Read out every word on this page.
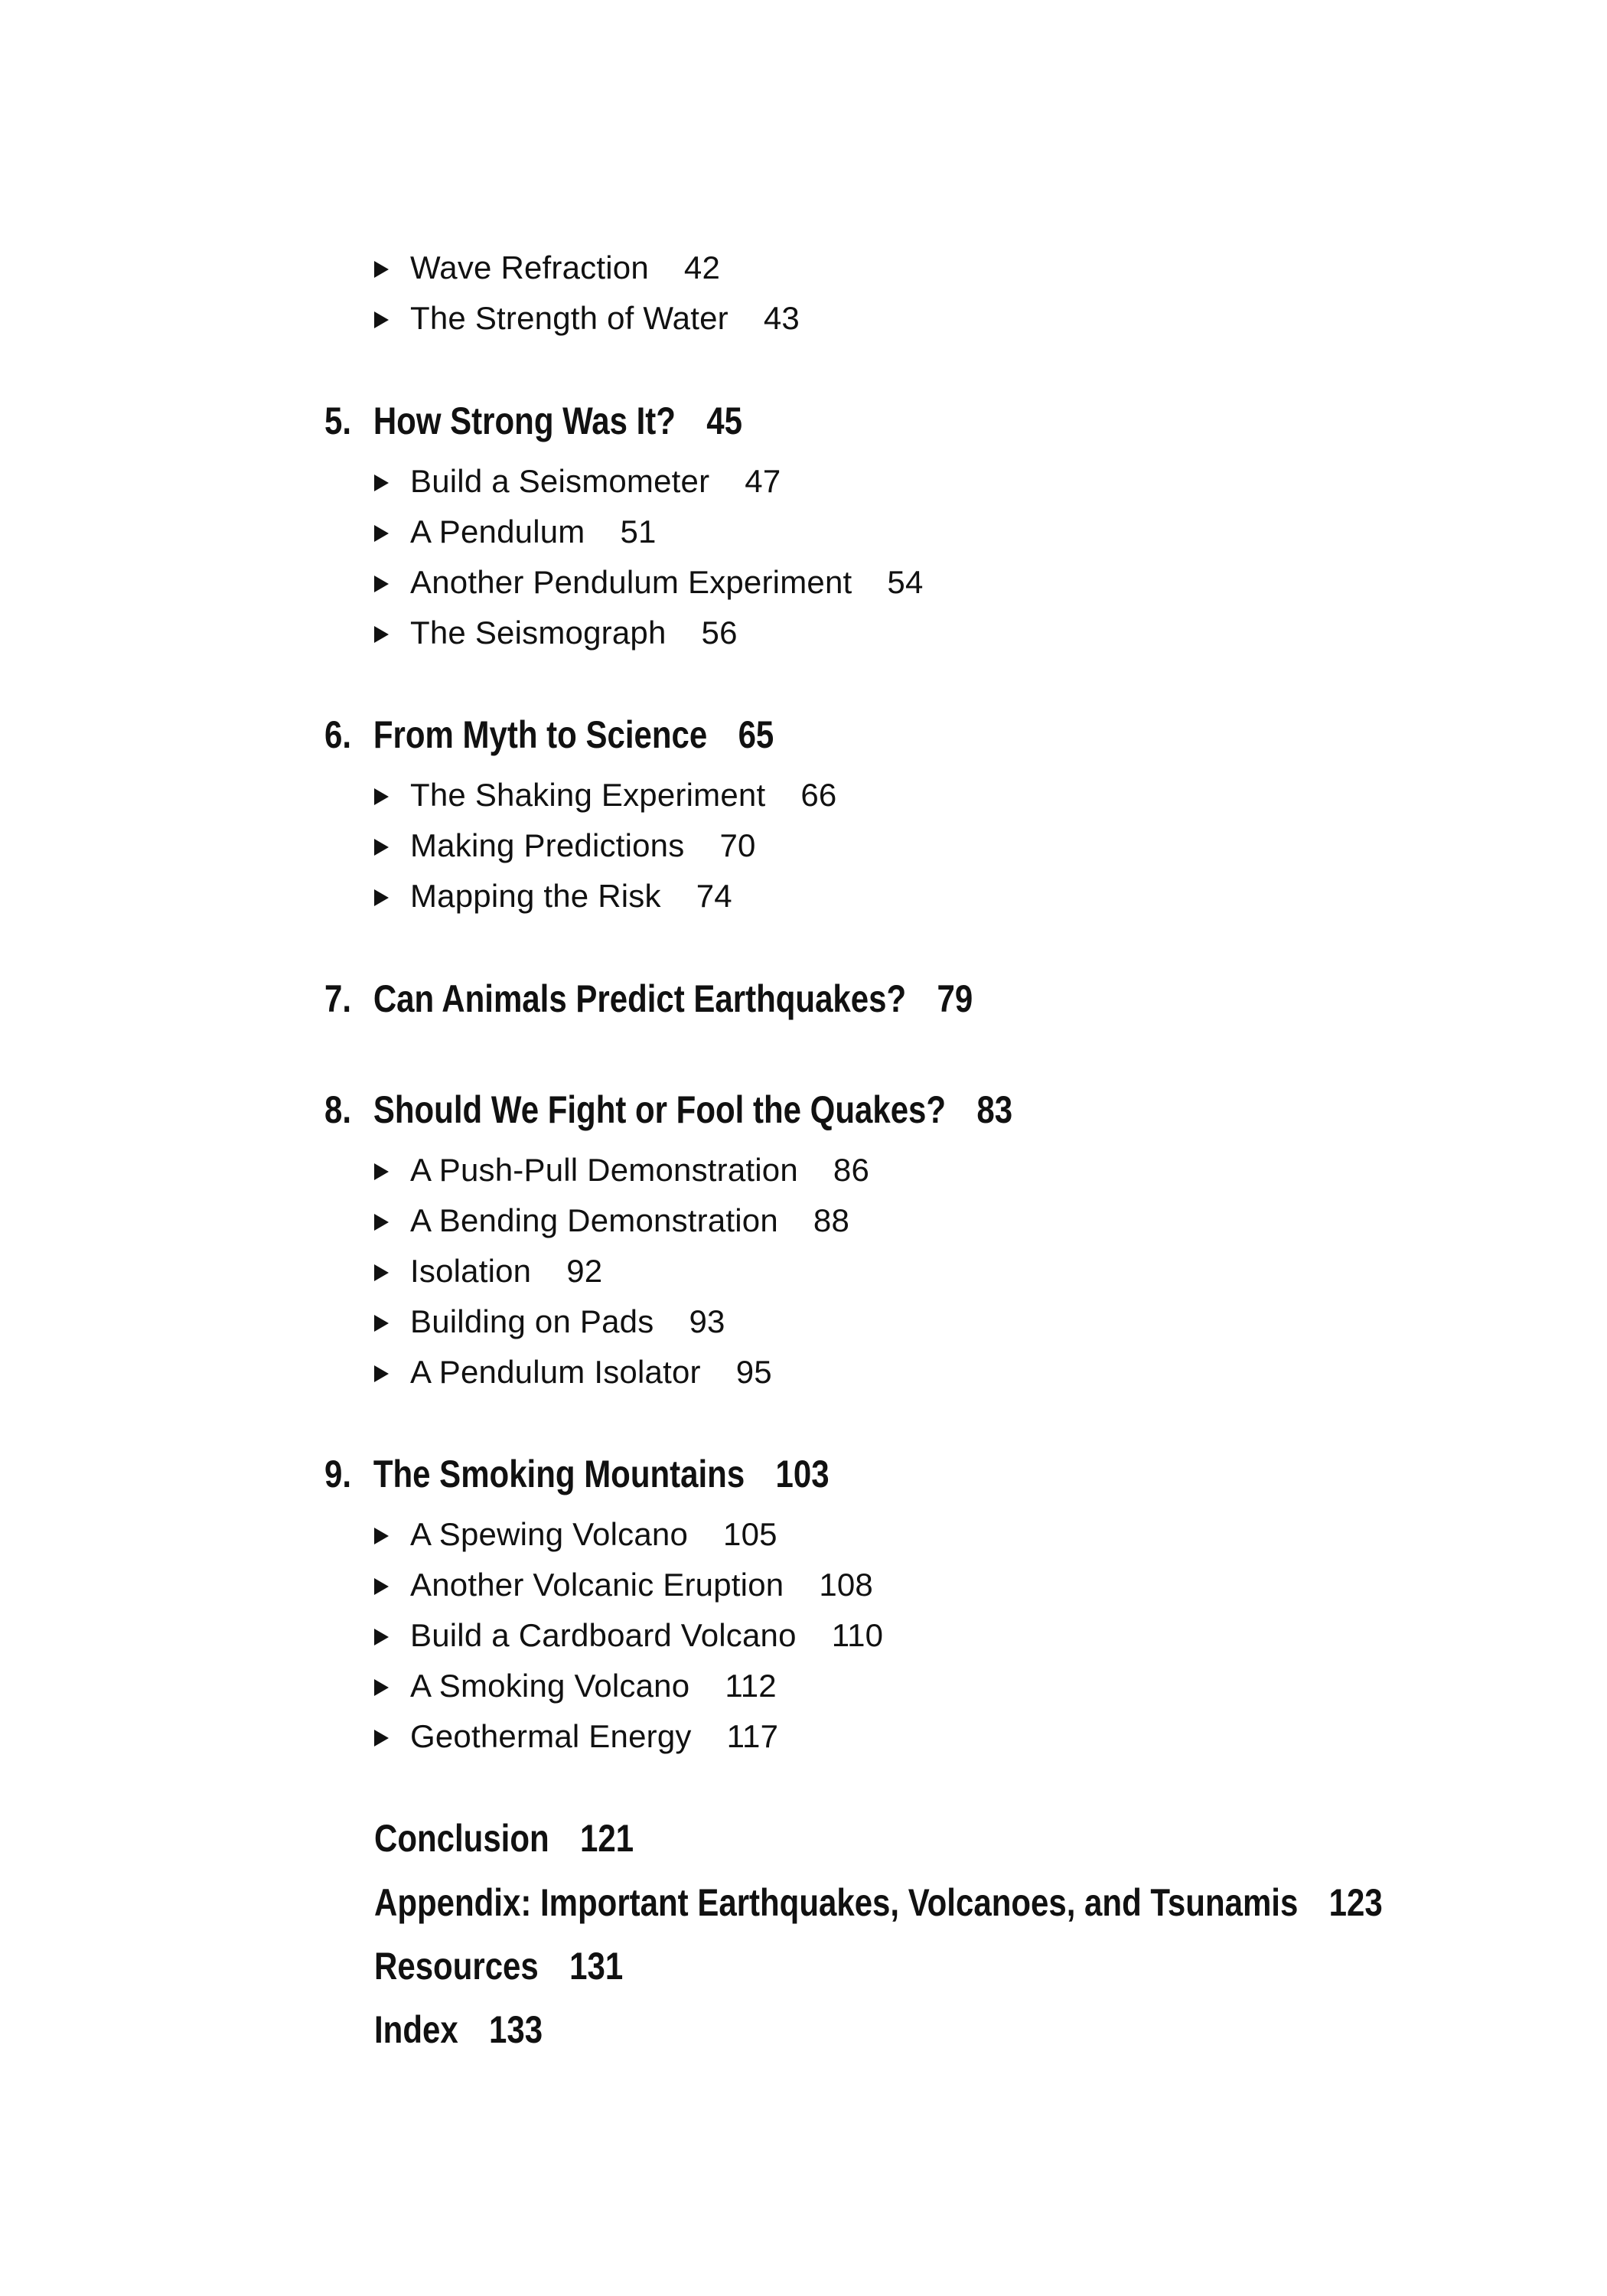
Wave Refraction 42
The Strength of Water 43
5. How Strong Was It? 45
Build a Seismometer 47
A Pendulum 51
Another Pendulum Experiment 54
The Seismograph 56
6. From Myth to Science 65
The Shaking Experiment 66
Making Predictions 70
Mapping the Risk 74
7. Can Animals Predict Earthquakes? 79
8. Should We Fight or Fool the Quakes? 83
A Push-Pull Demonstration 86
A Bending Demonstration 88
Isolation 92
Building on Pads 93
A Pendulum Isolator 95
9. The Smoking Mountains 103
A Spewing Volcano 105
Another Volcanic Eruption 108
Build a Cardboard Volcano 110
A Smoking Volcano 112
Geothermal Energy 117
Conclusion 121
Appendix: Important Earthquakes, Volcanoes, and Tsunamis 123
Resources 131
Index 133
